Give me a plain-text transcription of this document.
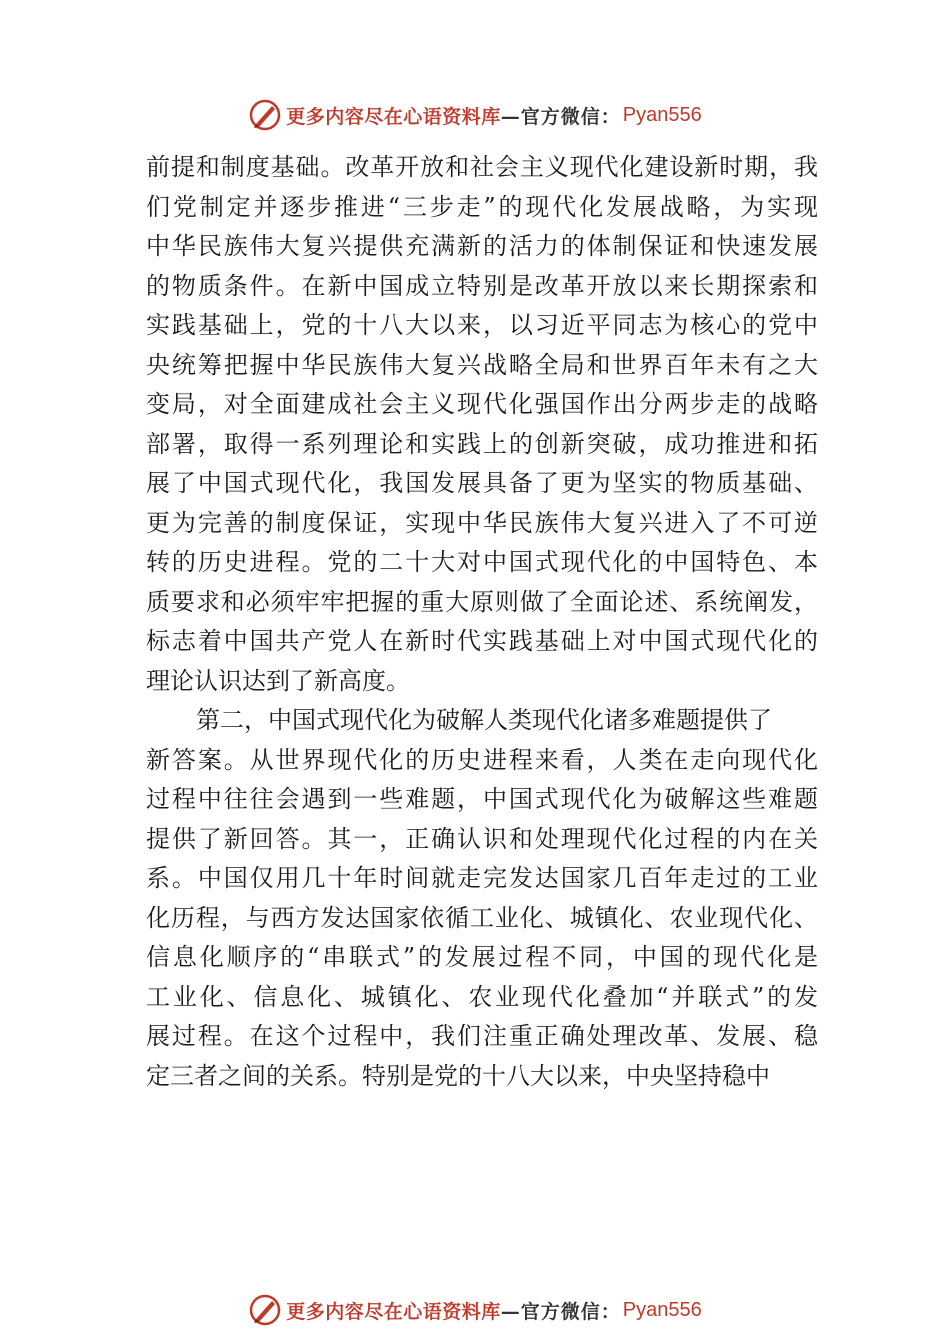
更多内容尽在心语资料库 —官方微信： Pyan556
前提和制度基础。改革开放和社会主义现代化建设新时期，我
们党制定并逐步推进“三步走”的现代化发展战略，为实现
中华民族伟大复兴提供充满新的活力的体制保证和快速发展
的物质条件。在新中国成立特别是改革开放以来长期探索和
实践基础上，党的十八大以来，以习近平同志为核心的党中
央统筹把握中华民族伟大复兴战略全局和世界百年未有之大
变局，对全面建成社会主义现代化强国作出分两步走的战略
部署，取得一系列理论和实践上的创新突破，成功推进和拓
展了中国式现代化，我国发展具备了更为坚实的物质基础、
更为完善的制度保证，实现中华民族伟大复兴进入了不可逆
转的历史进程。党的二十大对中国式现代化的中国特色、本
质要求和必须牢牢把握的重大原则做了全面论述、系统阐发，
标志着中国共产党人在新时代实践基础上对中国式现代化的
理论认识达到了新高度。
第二，中国式现代化为破解人类现代化诸多难题提供了
新答案。从世界现代化的历史进程来看，人类在走向现代化
过程中往往会遇到一些难题，中国式现代化为破解这些难题
提供了新回答。其一，正确认识和处理现代化过程的内在关
系。中国仅用几十年时间就走完发达国家几百年走过的工业
化历程，与西方发达国家依循工业化、城镇化、农业现代化、
信息化顺序的“串联式”的发展过程不同，中国的现代化是
工业化、信息化、城镇化、农业现代化叠加“并联式”的发
展过程。在这个过程中，我们注重正确处理改革、发展、稳
定三者之间的关系。特别是党的十八大以来，中央坚持稳中
更多内容尽在心语资料库 —官方微信： Pyan556
